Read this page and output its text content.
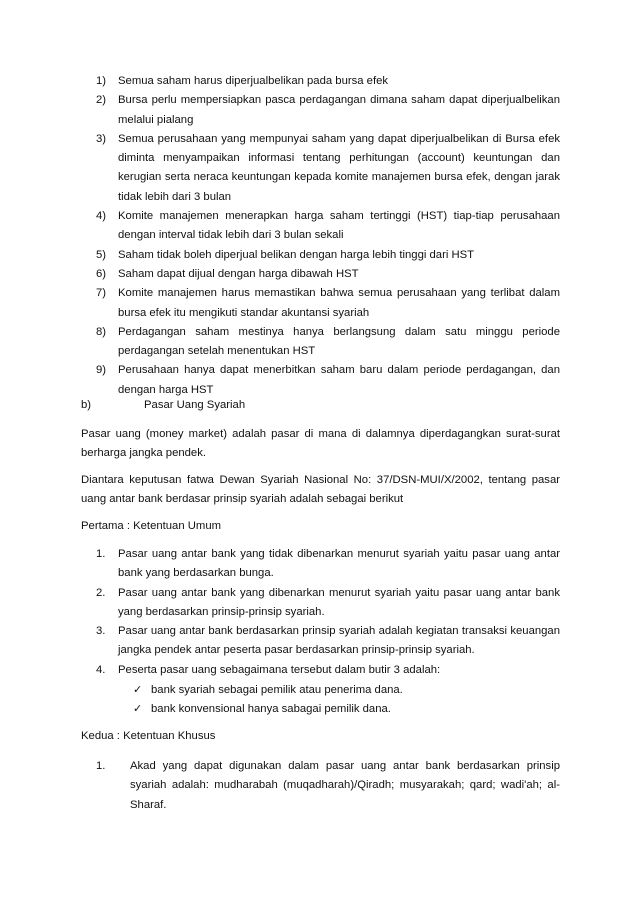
1)	Semua saham harus diperjualbelikan pada bursa efek
2)	Bursa perlu mempersiapkan pasca perdagangan dimana saham dapat diperjualbelikan melalui pialang
3)	Semua perusahaan yang mempunyai saham yang dapat diperjualbelikan di Bursa efek diminta menyampaikan informasi tentang perhitungan (account) keuntungan dan kerugian serta neraca keuntungan kepada komite manajemen bursa efek, dengan jarak tidak lebih dari 3 bulan
4)	Komite manajemen menerapkan harga saham tertinggi (HST) tiap-tiap perusahaan dengan interval tidak lebih dari 3 bulan sekali
5)	Saham tidak boleh diperjual belikan dengan harga lebih tinggi dari HST
6)	Saham dapat dijual dengan harga dibawah HST
7)	Komite manajemen harus memastikan bahwa semua perusahaan yang terlibat dalam bursa efek itu mengikuti standar akuntansi syariah
8)	Perdagangan saham mestinya hanya berlangsung dalam satu minggu periode perdagangan setelah menentukan HST
9)	Perusahaan hanya dapat menerbitkan saham baru dalam periode perdagangan, dan dengan harga HST
b)	Pasar Uang Syariah
Pasar uang (money market) adalah pasar di mana di dalamnya diperdagangkan surat-surat berharga jangka pendek.
Diantara keputusan fatwa Dewan Syariah Nasional No: 37/DSN-MUI/X/2002, tentang pasar uang antar bank berdasar prinsip syariah adalah sebagai berikut
Pertama : Ketentuan Umum
1.	Pasar uang antar bank yang tidak dibenarkan menurut syariah yaitu pasar uang antar bank yang berdasarkan bunga.
2.	Pasar uang antar bank yang dibenarkan menurut syariah yaitu pasar uang antar bank yang berdasarkan prinsip-prinsip syariah.
3.	Pasar uang antar bank berdasarkan prinsip syariah adalah kegiatan transaksi keuangan jangka pendek antar peserta pasar berdasarkan prinsip-prinsip syariah.
4.	Peserta pasar uang sebagaimana tersebut dalam butir 3 adalah:
✓ bank syariah sebagai pemilik atau penerima dana.
✓ bank konvensional hanya sabagai pemilik dana.
Kedua : Ketentuan Khusus
1. Akad yang dapat digunakan dalam pasar uang antar bank berdasarkan prinsip syariah adalah: mudharabah (muqadharah)/Qiradh; musyarakah; qard; wadi'ah; al-Sharaf.
